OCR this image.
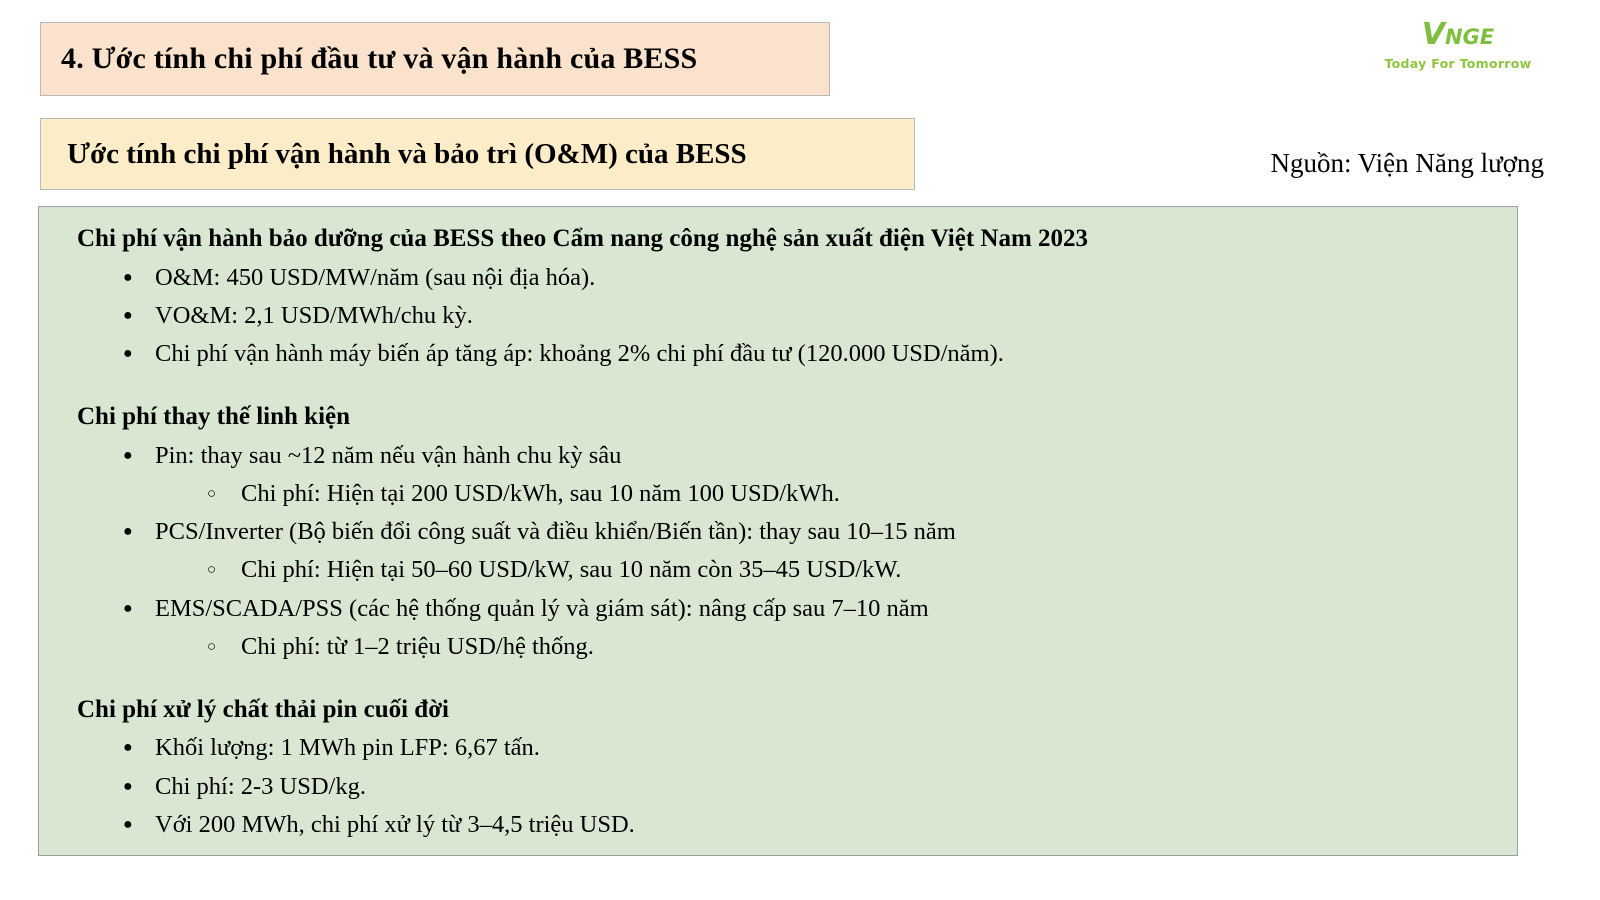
4. Ước tính chi phí đầu tư và vận hành của BESS
Ước tính chi phí vận hành và bảo trì (O&M) của BESS
VNGE
Today For Tomorrow
Nguồn: Viện Năng lượng
Chi phí vận hành bảo dưỡng của BESS theo Cẩm nang công nghệ sản xuất điện Việt Nam 2023
● O&M: 450 USD/MW/năm (sau nội địa hóa).
● VO&M: 2,1 USD/MWh/chu kỳ.
● Chi phí vận hành máy biến áp tăng áp: khoảng 2% chi phí đầu tư (120.000 USD/năm).
Chi phí thay thế linh kiện
● Pin: thay sau ~12 năm nếu vận hành chu kỳ sâu
○ Chi phí: Hiện tại 200 USD/kWh, sau 10 năm 100 USD/kWh.
● PCS/Inverter (Bộ biến đổi công suất và điều khiển/Biến tần): thay sau 10–15 năm
○ Chi phí: Hiện tại 50–60 USD/kW, sau 10 năm còn 35–45 USD/kW.
● EMS/SCADA/PSS (các hệ thống quản lý và giám sát): nâng cấp sau 7–10 năm
○ Chi phí: từ 1–2 triệu USD/hệ thống.
Chi phí xử lý chất thải pin cuối đời
● Khối lượng: 1 MWh pin LFP: 6,67 tấn.
● Chi phí: 2-3 USD/kg.
● Với 200 MWh, chi phí xử lý từ 3–4,5 triệu USD.
